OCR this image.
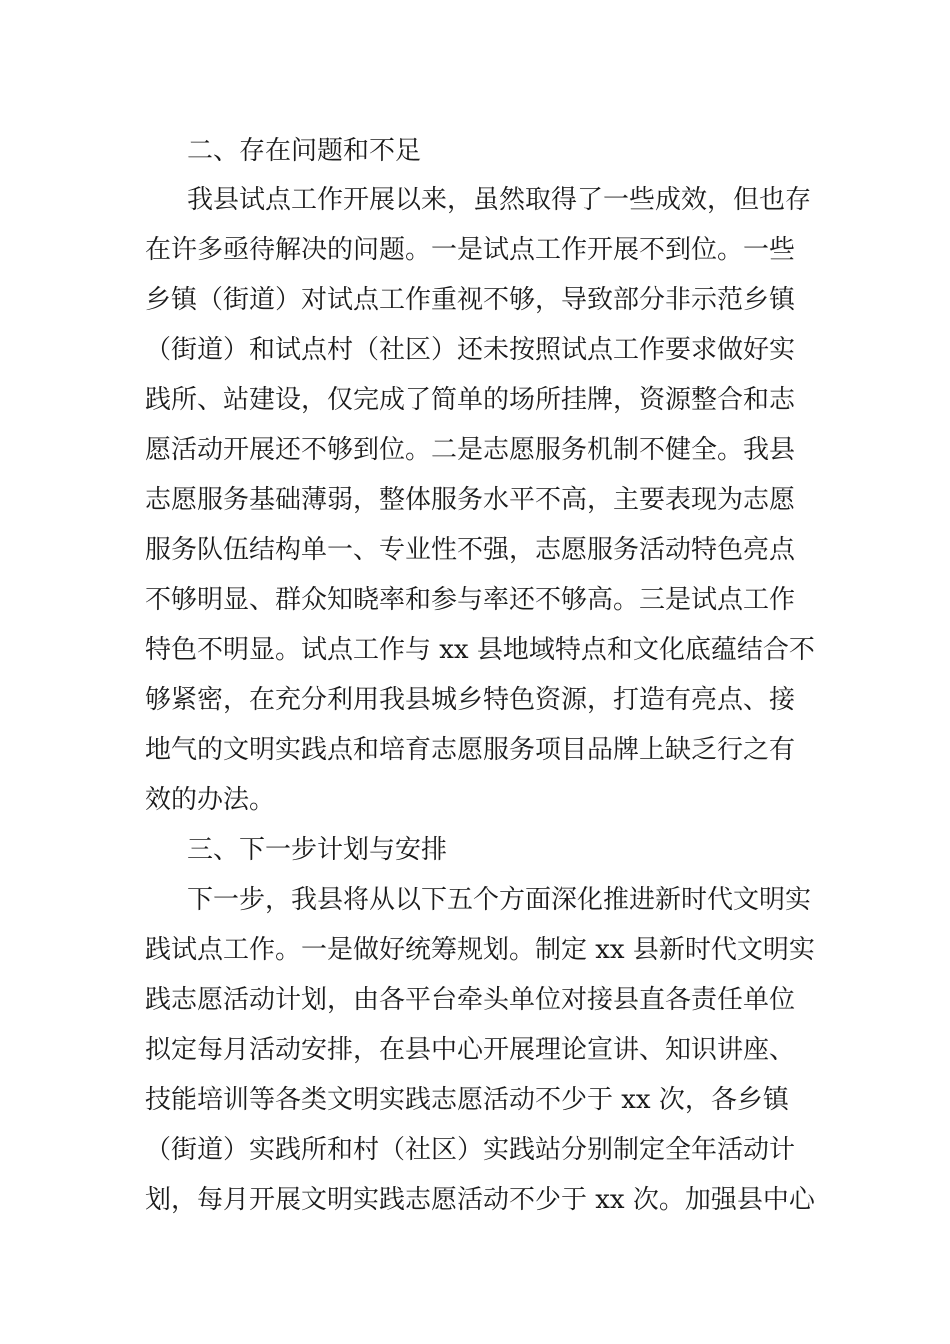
二、存在问题和不足
我县试点工作开展以来，虽然取得了一些成效，但也存
在许多亟待解决的问题。一是试点工作开展不到位。一些
乡镇（街道）对试点工作重视不够，导致部分非示范乡镇
（街道）和试点村（社区）还未按照试点工作要求做好实
践所、站建设，仅完成了简单的场所挂牌，资源整合和志
愿活动开展还不够到位。二是志愿服务机制不健全。我县
志愿服务基础薄弱，整体服务水平不高，主要表现为志愿
服务队伍结构单一、专业性不强，志愿服务活动特色亮点
不够明显、群众知晓率和参与率还不够高。三是试点工作
特色不明显。试点工作与 xx 县地域特点和文化底蕴结合不
够紧密，在充分利用我县城乡特色资源，打造有亮点、接
地气的文明实践点和培育志愿服务项目品牌上缺乏行之有
效的办法。
三、下一步计划与安排
下一步，我县将从以下五个方面深化推进新时代文明实
践试点工作。一是做好统筹规划。制定 xx 县新时代文明实
践志愿活动计划，由各平台牵头单位对接县直各责任单位
拟定每月活动安排，在县中心开展理论宣讲、知识讲座、
技能培训等各类文明实践志愿活动不少于 xx 次，各乡镇
（街道）实践所和村（社区）实践站分别制定全年活动计
划，每月开展文明实践志愿活动不少于 xx 次。加强县中心
